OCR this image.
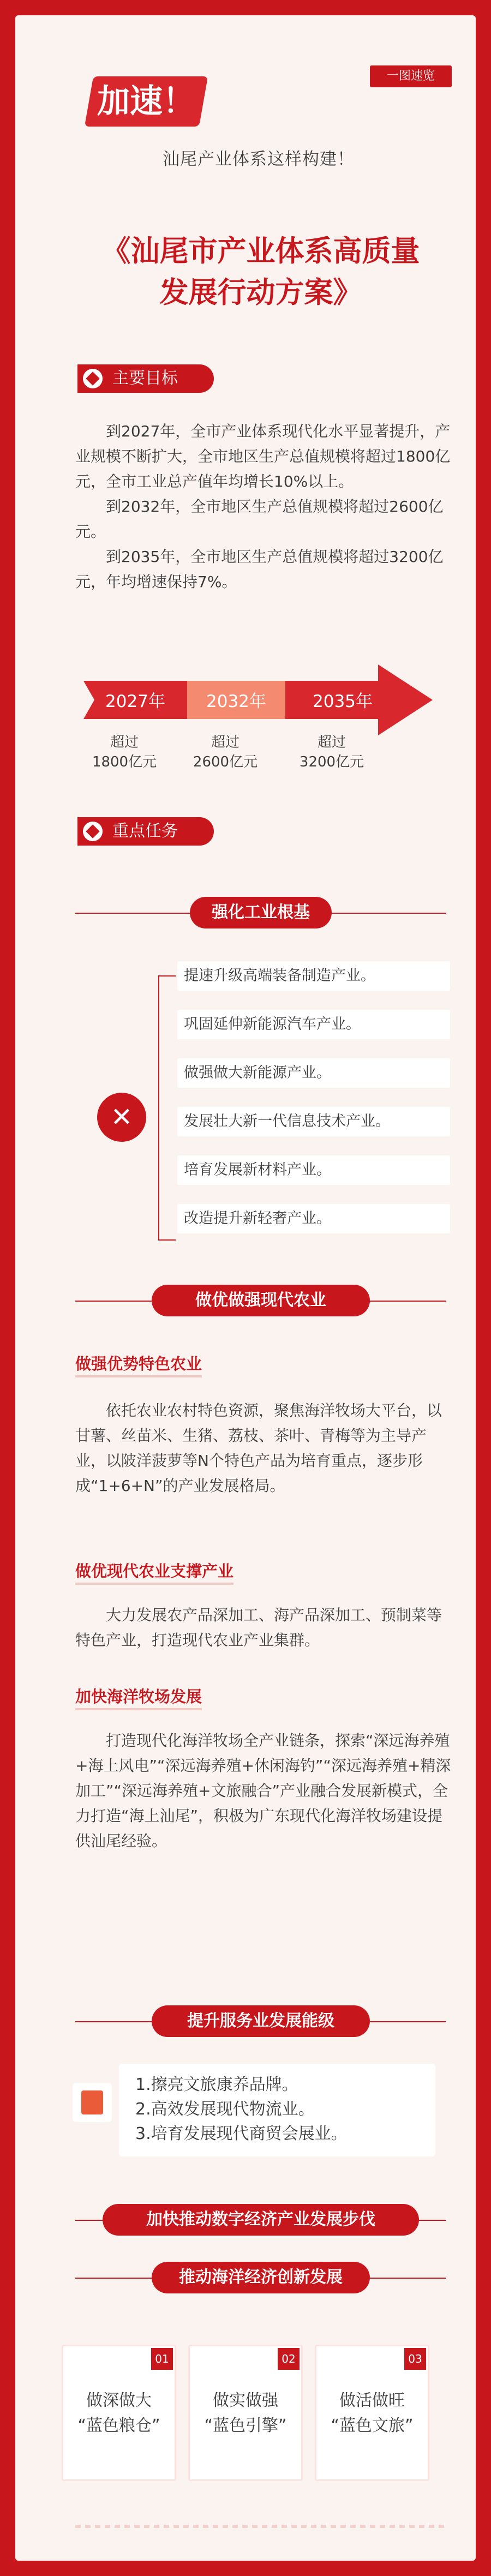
一图速览
加速！
汕尾产业体系这样构建！
《汕尾市产业体系高质量
发展行动方案》
主要目标

到2027年，全市产业体系现代化水平显著提升，产业规模不断扩大，全市地区生产总值规模将超过1800亿元，全市工业总产值年均增长10%以上。

到2032年，全市地区生产总值规模将超过2600亿元。

到2035年，全市地区生产总值规模将超过3200亿元，年均增速保持7%。

2027年 2032年	2035年
超过
1800亿元
超过
2600亿元
超过
3200亿元
重点任务
强化工业根基
✕
提速升级高端装备制造产业。
巩固延伸新能源汽车产业。
做强做大新能源产业。
发展壮大新一代信息技术产业。
培育发展新材料产业。
改造提升新轻奢产业。
做优做强现代农业
做强优势特色农业

依托农业农村特色资源，聚焦海洋牧场大平台，以甘薯、丝苗米、生猪、荔枝、茶叶、青梅等为主导产业，以陂洋菠萝等N个特色产品为培育重点，逐步形成“1+6+N”的产业发展格局。

做优现代农业支撑产业

大力发展农产品深加工、海产品深加工、预制菜等特色产业，打造现代农业产业集群。

加快海洋牧场发展

打造现代化海洋牧场全产业链条，探索“深远海养殖+海上风电”“深远海养殖+休闲海钓”“深远海养殖+精深加工”“深远海养殖+文旅融合”产业融合发展新模式，全力打造“海上汕尾”，积极为广东现代化海洋牧场建设提供汕尾经验。

提升服务业发展能级
1.擦亮文旅康养品牌。
2.高效发展现代物流业。
3.培育发展现代商贸会展业。
加快推动数字经济产业发展步伐
推动海洋经济创新发展
01
做深做大
“蓝色粮仓”
02
做实做强
“蓝色引擎”
03
做活做旺
“蓝色文旅”
